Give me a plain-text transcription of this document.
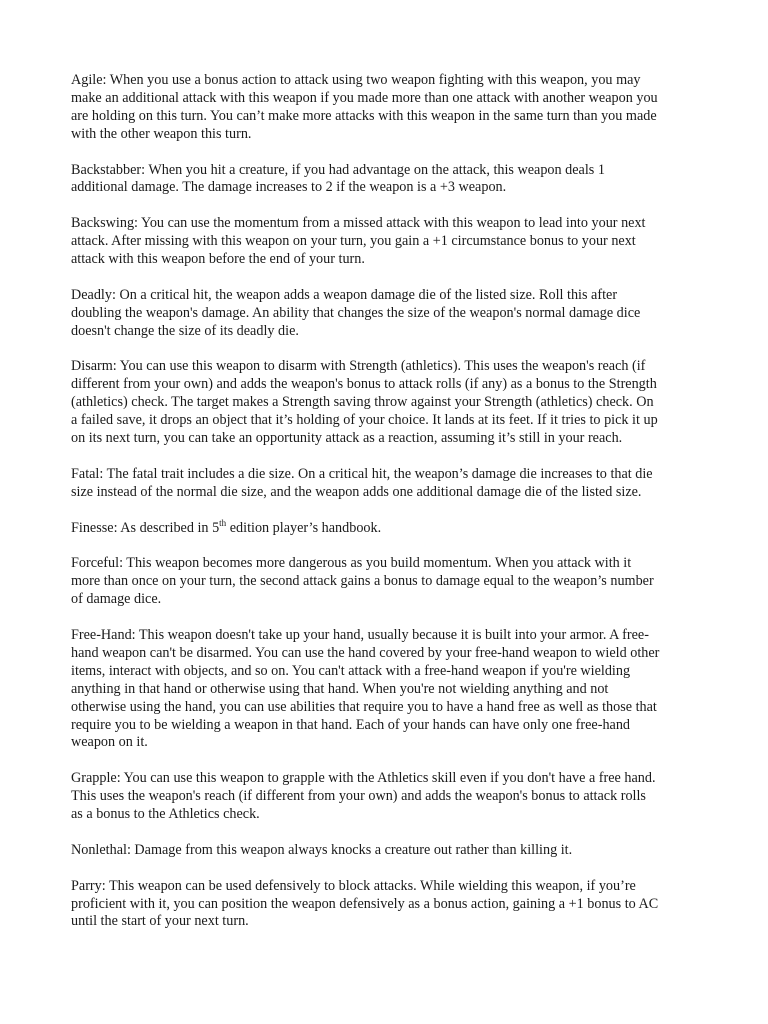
Agile: When you use a bonus action to attack using two weapon fighting with this weapon, you may
make an additional attack with this weapon if you made more than one attack with another weapon you
are holding on this turn. You can’t make more attacks with this weapon in the same turn than you made
with the other weapon this turn.

Backstabber: When you hit a creature, if you had advantage on the attack, this weapon deals 1
additional damage. The damage increases to 2 if the weapon is a +3 weapon.

Backswing: You can use the momentum from a missed attack with this weapon to lead into your next
attack. After missing with this weapon on your turn, you gain a +1 circumstance bonus to your next
attack with this weapon before the end of your turn.

Deadly: On a critical hit, the weapon adds a weapon damage die of the listed size. Roll this after
doubling the weapon's damage. An ability that changes the size of the weapon's normal damage dice
doesn't change the size of its deadly die.

Disarm: You can use this weapon to disarm with Strength (athletics). This uses the weapon's reach (if
different from your own) and adds the weapon's bonus to attack rolls (if any) as a bonus to the Strength
(athletics) check. The target makes a Strength saving throw against your Strength (athletics) check. On
a failed save, it drops an object that it’s holding of your choice. It lands at its feet. If it tries to pick it up
on its next turn, you can take an opportunity attack as a reaction, assuming it’s still in your reach.

Fatal: The fatal trait includes a die size. On a critical hit, the weapon’s damage die increases to that die
size instead of the normal die size, and the weapon adds one additional damage die of the listed size.

Finesse: As described in 5th edition player’s handbook.

Forceful: This weapon becomes more dangerous as you build momentum. When you attack with it
more than once on your turn, the second attack gains a bonus to damage equal to the weapon’s number
of damage dice.

Free-Hand: This weapon doesn't take up your hand, usually because it is built into your armor. A free-
hand weapon can't be disarmed. You can use the hand covered by your free-hand weapon to wield other
items, interact with objects, and so on. You can't attack with a free-hand weapon if you're wielding
anything in that hand or otherwise using that hand. When you're not wielding anything and not
otherwise using the hand, you can use abilities that require you to have a hand free as well as those that
require you to be wielding a weapon in that hand. Each of your hands can have only one free-hand
weapon on it.

Grapple: You can use this weapon to grapple with the Athletics skill even if you don't have a free hand.
This uses the weapon's reach (if different from your own) and adds the weapon's bonus to attack rolls
as a bonus to the Athletics check.

Nonlethal: Damage from this weapon always knocks a creature out rather than killing it.

Parry: This weapon can be used defensively to block attacks. While wielding this weapon, if you’re
proficient with it, you can position the weapon defensively as a bonus action, gaining a +1 bonus to AC
until the start of your next turn.
